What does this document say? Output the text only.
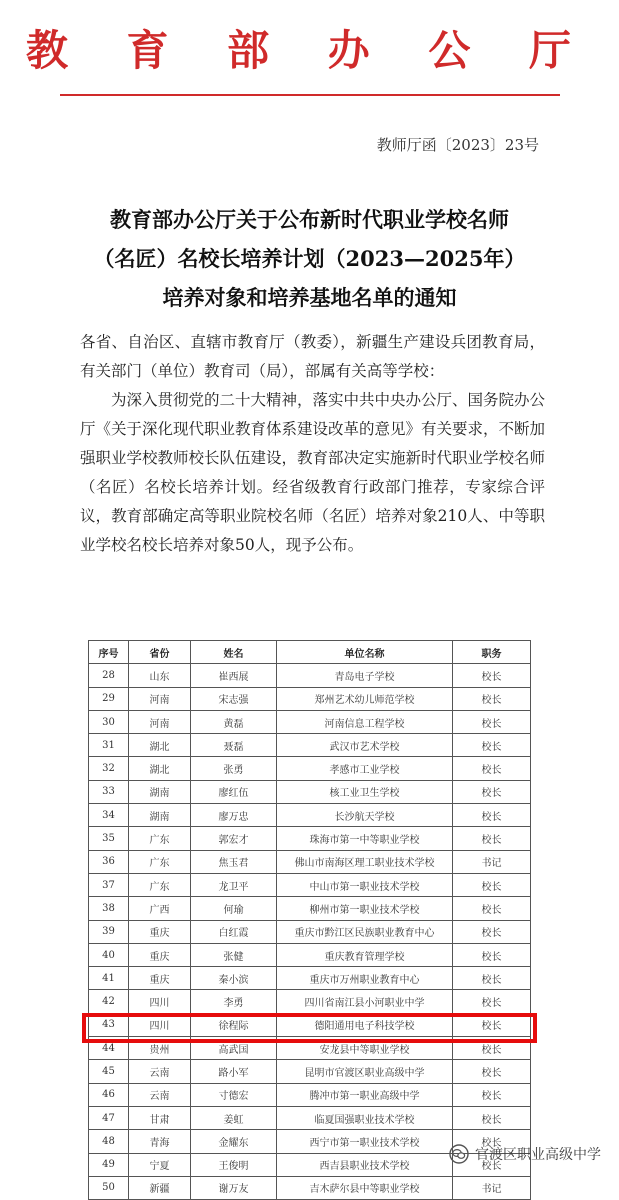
教 育 部 办 公 厅
教师厅函〔2023〕23号
教育部办公厅关于公布新时代职业学校名师
（名匠）名校长培养计划（2023—2025年）
培养对象和培养基地名单的通知

各省、自治区、直辖市教育厅（教委），新疆生产建设兵团教育局，有关部门（单位）教育司（局），部属有关高等学校：

为深入贯彻党的二十大精神，落实中共中央办公厅、国务院办公厅《关于深化现代职业教育体系建设改革的意见》有关要求，不断加强职业学校教师校长队伍建设，教育部决定实施新时代职业学校名师（名匠）名校长培养计划。经省级教育行政部门推荐，专家综合评议，教育部确定高等职业院校名师（名匠）培养对象210人、中等职业学校名校长培养对象50人，现予公布。

序号	省份	姓名	单位名称	职务
28	山东	崔西展	青岛电子学校	校长
29	河南	宋志强	郑州艺术幼儿师范学校	校长
30	河南	黄磊	河南信息工程学校	校长
31	湖北	聂磊	武汉市艺术学校	校长
32	湖北	张勇	孝感市工业学校	校长
33	湖南	廖红伍	核工业卫生学校	校长
34	湖南	廖万忠	长沙航天学校	校长
35	广东	郭宏才	珠海市第一中等职业学校	校长
36	广东	焦玉君	佛山市南海区理工职业技术学校	书记
37	广东	龙卫平	中山市第一职业技术学校	校长
38	广西	何瑜	柳州市第一职业技术学校	校长
39	重庆	白红霞	重庆市黔江区民族职业教育中心	校长
40	重庆	张健	重庆教育管理学校	校长
41	重庆	秦小滨	重庆市万州职业教育中心	校长
42	四川	李勇	四川省南江县小河职业中学	校长
43	四川	徐程际	德阳通用电子科技学校	校长
44	贵州	高武国	安龙县中等职业学校	校长
45	云南	路小军	昆明市官渡区职业高级中学	校长
46	云南	寸德宏	腾冲市第一职业高级中学	校长
47	甘肃	姜虹	临夏国强职业技术学校	校长
48	青海	金耀东	西宁市第一职业技术学校	校长
49	宁夏	王俊明	西吉县职业技术学校	校长
50	新疆	谢万友	吉木萨尔县中等职业学校	书记
官渡区职业高级中学
